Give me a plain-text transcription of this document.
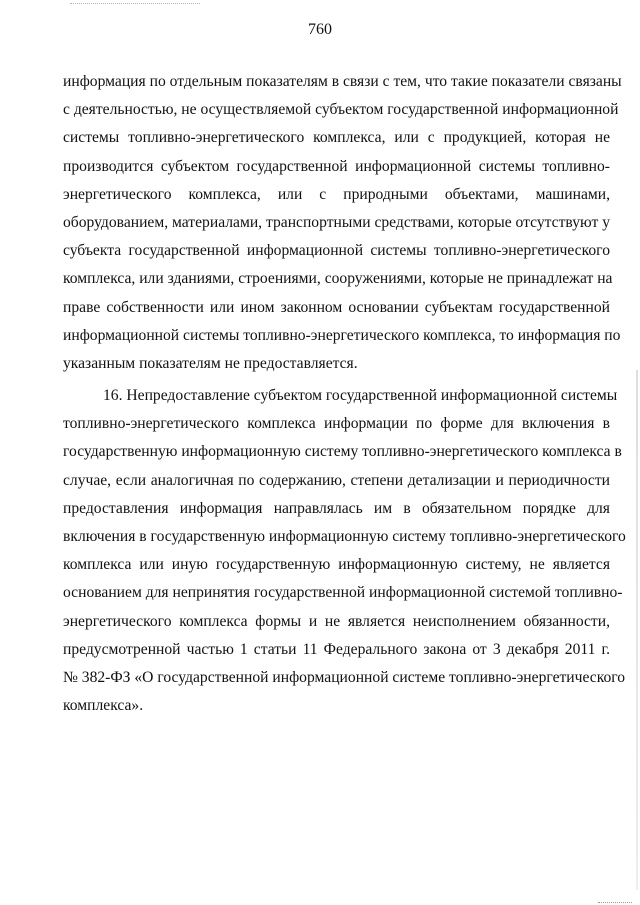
760
информация по отдельным показателям в связи с тем, что такие показатели связаны
с деятельностью, не осуществляемой субъектом государственной информационной
системы топливно-энергетического комплекса, или с продукцией, которая не
производится субъектом государственной информационной системы топливно-
энергетического комплекса, или с природными объектами, машинами,
оборудованием, материалами, транспортными средствами, которые отсутствуют у
субъекта государственной информационной системы топливно-энергетического
комплекса, или зданиями, строениями, сооружениями, которые не принадлежат на
праве собственности или ином законном основании субъектам государственной
информационной системы топливно-энергетического комплекса, то информация по
указанным показателям не предоставляется.
16. Непредоставление субъектом государственной информационной системы
топливно-энергетического комплекса информации по форме для включения в
государственную информационную систему топливно-энергетического комплекса в
случае, если аналогичная по содержанию, степени детализации и периодичности
предоставления информация направлялась им в обязательном порядке для
включения в государственную информационную систему топливно-энергетического
комплекса или иную государственную информационную систему, не является
основанием для непринятия государственной информационной системой топливно-
энергетического комплекса формы и не является неисполнением обязанности,
предусмотренной частью 1 статьи 11 Федерального закона от 3 декабря 2011 г.
№ 382-ФЗ «О государственной информационной системе топливно-энергетического
комплекса».
